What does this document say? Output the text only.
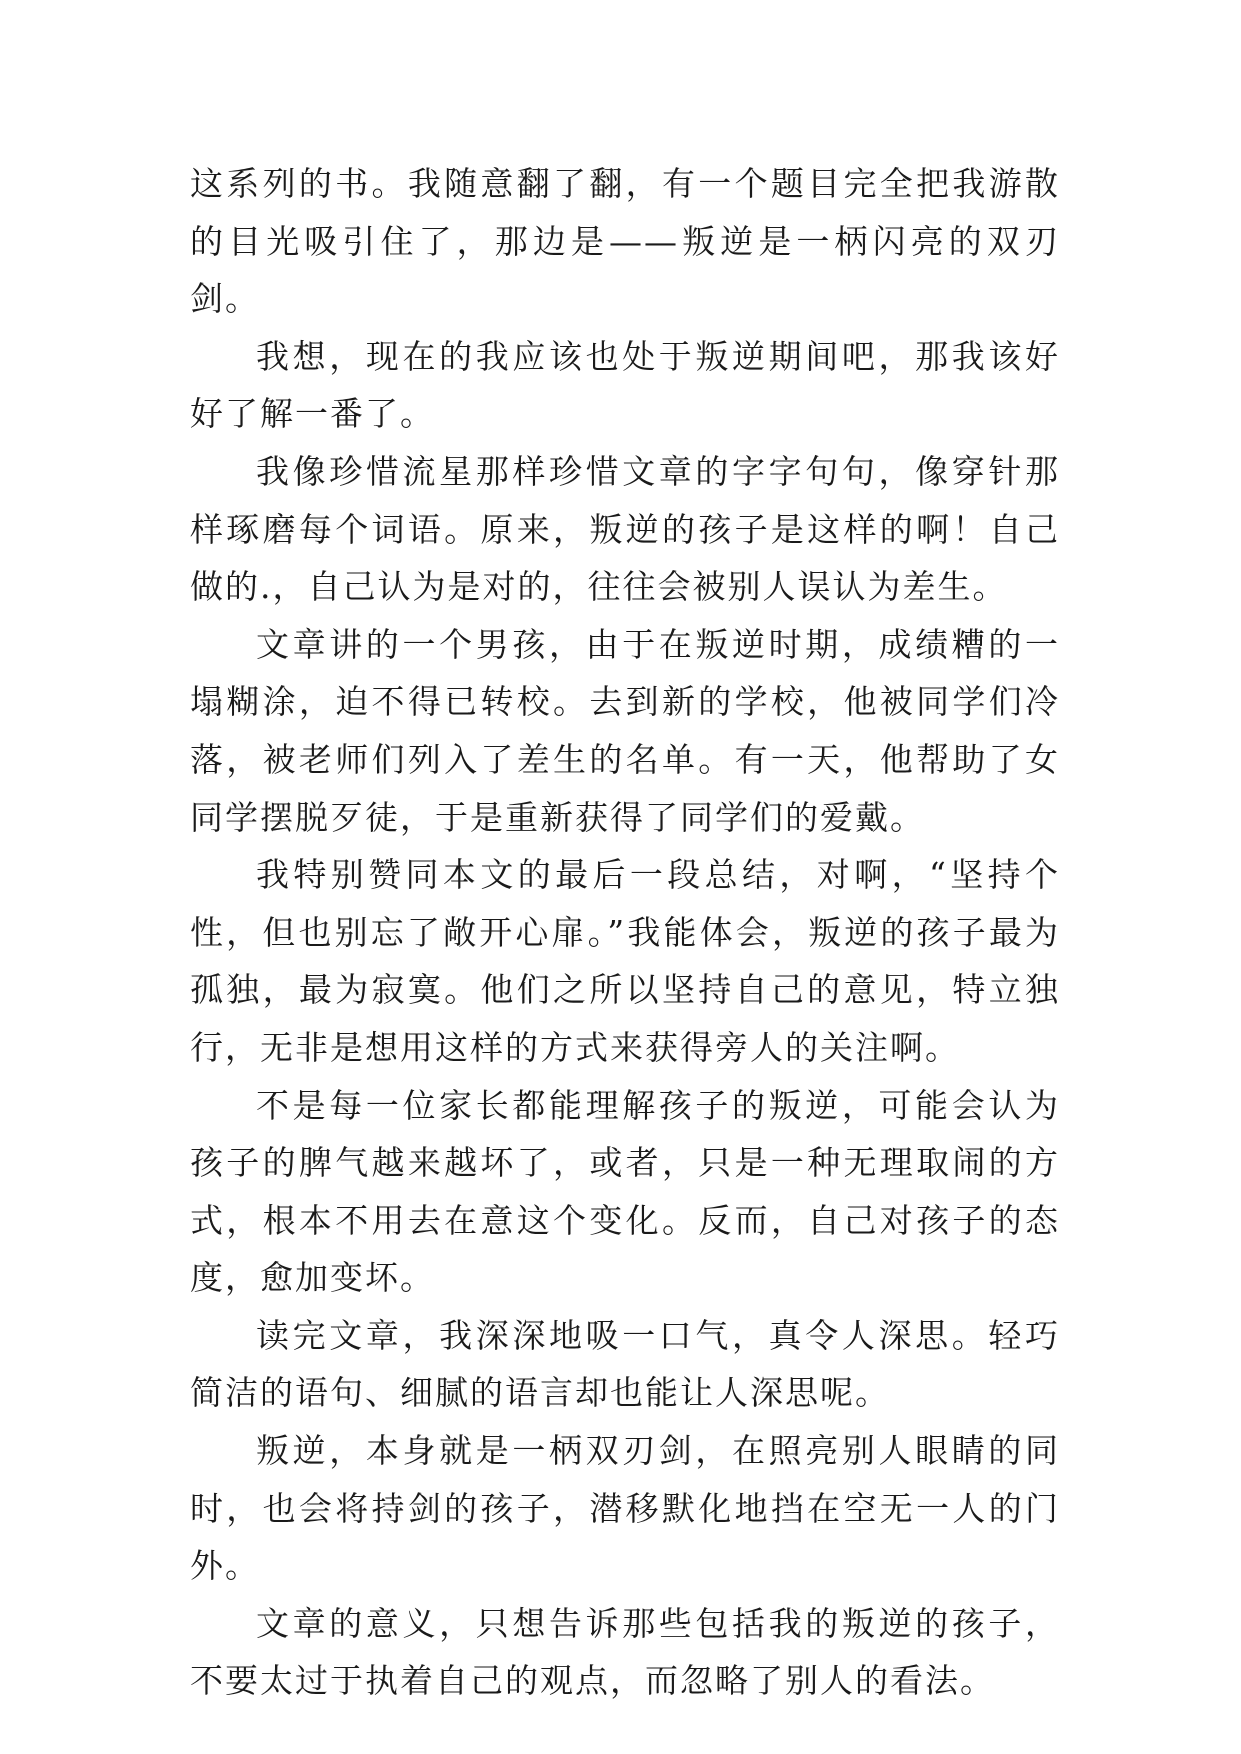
这系列的书。我随意翻了翻，有一个题目完全把我游散的目光吸引住了，那边是——叛逆是一柄闪亮的双刃剑。

我想，现在的我应该也处于叛逆期间吧，那我该好好了解一番了。

我像珍惜流星那样珍惜文章的字字句句，像穿针那样琢磨每个词语。原来，叛逆的孩子是这样的啊！自己做的.，自己认为是对的，往往会被别人误认为差生。

文章讲的一个男孩，由于在叛逆时期，成绩糟的一塌糊涂，迫不得已转校。去到新的学校，他被同学们冷落，被老师们列入了差生的名单。有一天，他帮助了女同学摆脱歹徒，于是重新获得了同学们的爱戴。

我特别赞同本文的最后一段总结，对啊，“坚持个性，但也别忘了敞开心扉。”我能体会，叛逆的孩子最为孤独，最为寂寞。他们之所以坚持自己的意见，特立独行，无非是想用这样的方式来获得旁人的关注啊。

不是每一位家长都能理解孩子的叛逆，可能会认为孩子的脾气越来越坏了，或者，只是一种无理取闹的方式，根本不用去在意这个变化。反而，自己对孩子的态度，愈加变坏。

读完文章，我深深地吸一口气，真令人深思。轻巧简洁的语句、细腻的语言却也能让人深思呢。

叛逆，本身就是一柄双刃剑，在照亮别人眼睛的同时，也会将持剑的孩子，潜移默化地挡在空无一人的门外。

文章的意义，只想告诉那些包括我的叛逆的孩子，不要太过于执着自己的观点，而忽略了别人的看法。
